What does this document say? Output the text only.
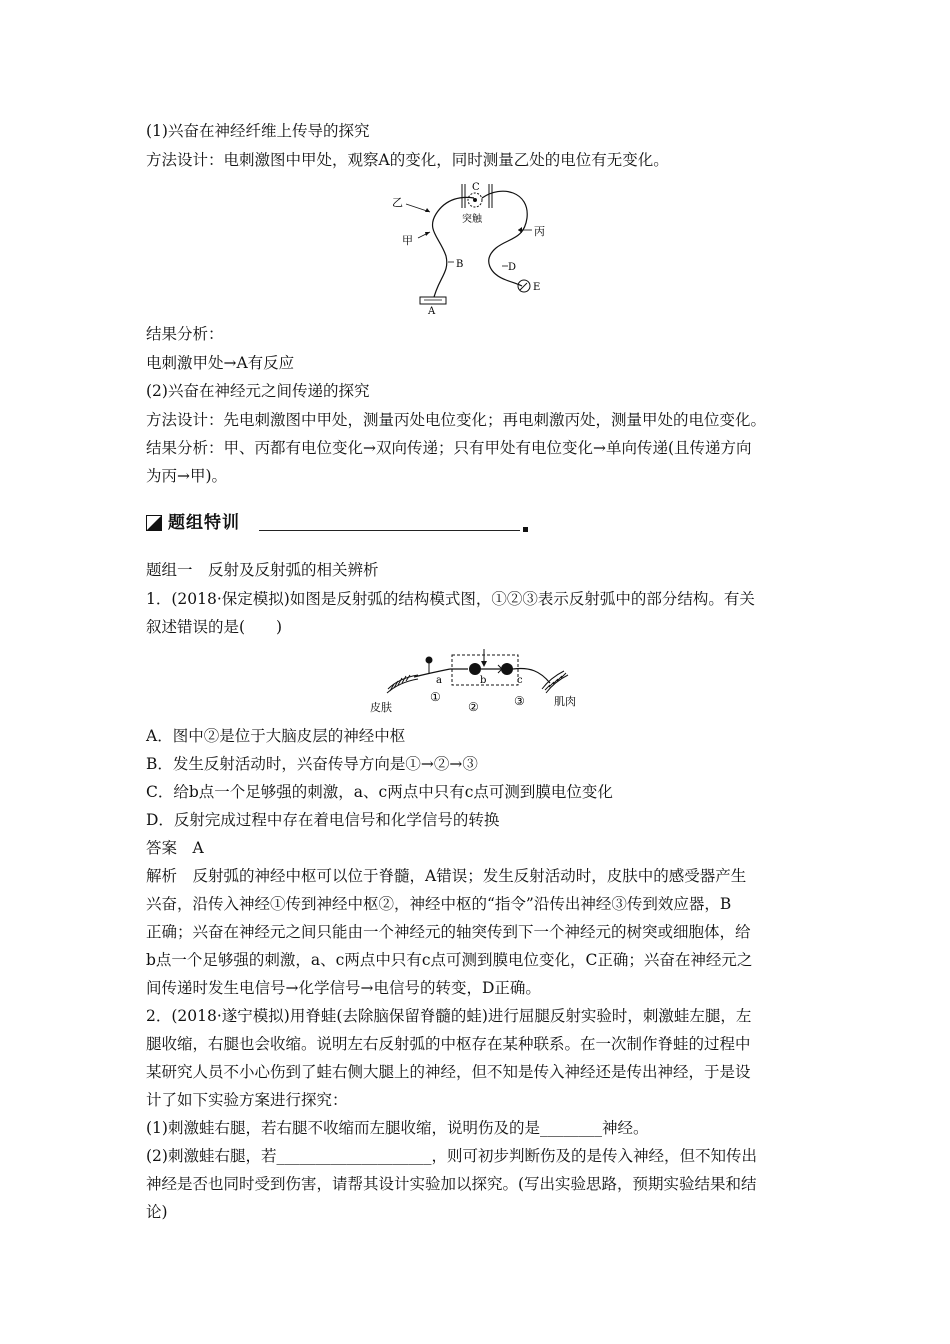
(1)兴奋在神经纤维上传导的探究
方法设计：电刺激图中甲处，观察A的变化，同时测量乙处的电位有无变化。
乙
甲
丙
C
突触
B	D
E
A
结果分析：
电刺激甲处→A有反应
(2)兴奋在神经元之间传递的探究
方法设计：先电刺激图中甲处，测量丙处电位变化；再电刺激丙处，测量甲处的电位变化。
结果分析：甲、丙都有电位变化→双向传递；只有甲处有电位变化→单向传递(且传递方向
为丙→甲)。
题组特训
题组一　反射及反射弧的相关辨析
1．(2018·保定模拟)如图是反射弧的结构模式图，①②③表示反射弧中的部分结构。有关
叙述错误的是(　　)
皮肤
a	b	c
①
②	③	肌肉
A．图中②是位于大脑皮层的神经中枢
B．发生反射活动时，兴奋传导方向是①→②→③
C．给b点一个足够强的刺激，a、c两点中只有c点可测到膜电位变化
D．反射完成过程中存在着电信号和化学信号的转换
答案　A
解析　反射弧的神经中枢可以位于脊髓，A错误；发生反射活动时，皮肤中的感受器产生
兴奋，沿传入神经①传到神经中枢②，神经中枢的“指令”沿传出神经③传到效应器，B
正确；兴奋在神经元之间只能由一个神经元的轴突传到下一个神经元的树突或细胞体，给
b点一个足够强的刺激，a、c两点中只有c点可测到膜电位变化，C正确；兴奋在神经元之
间传递时发生电信号→化学信号→电信号的转变，D正确。
2．(2018·遂宁模拟)用脊蛙(去除脑保留脊髓的蛙)进行屈腿反射实验时，刺激蛙左腿，左
腿收缩，右腿也会收缩。说明左右反射弧的中枢存在某种联系。在一次制作脊蛙的过程中
某研究人员不小心伤到了蛙右侧大腿上的神经，但不知是传入神经还是传出神经，于是设
计了如下实验方案进行探究：
(1)刺激蛙右腿，若右腿不收缩而左腿收缩，说明伤及的是________神经。
(2)刺激蛙右腿，若____________________，则可初步判断伤及的是传入神经，但不知传出
神经是否也同时受到伤害，请帮其设计实验加以探究。(写出实验思路，预期实验结果和结
论)
